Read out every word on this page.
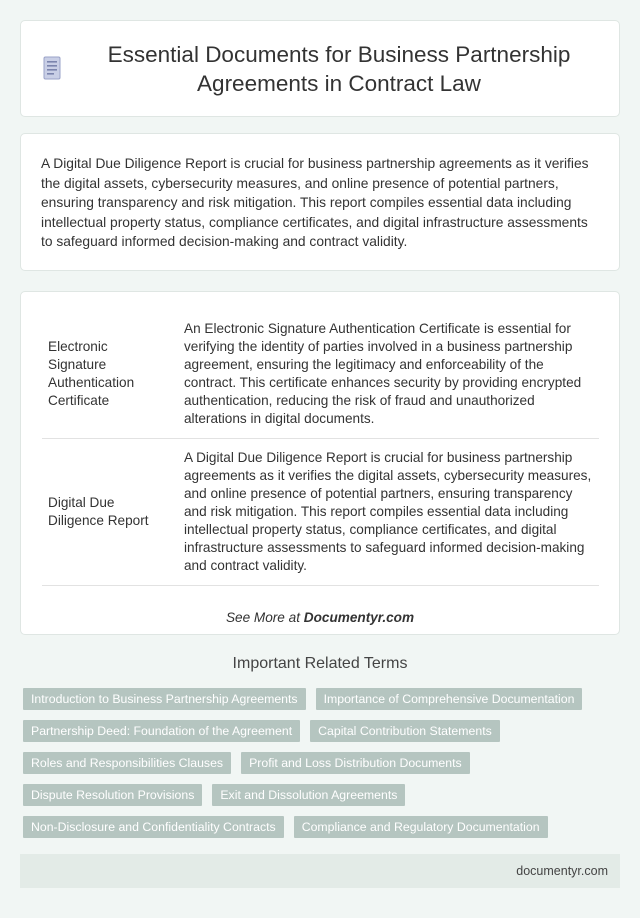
Essential Documents for Business Partnership Agreements in Contract Law

A Digital Due Diligence Report is crucial for business partnership agreements as it verifies the digital assets, cybersecurity measures, and online presence of potential partners, ensuring transparency and risk mitigation. This report compiles essential data including intellectual property status, compliance certificates, and digital infrastructure assessments to safeguard informed decision-making and contract validity.

Electronic Signature Authentication Certificate	An Electronic Signature Authentication Certificate is essential for verifying the identity of parties involved in a business partnership agreement, ensuring the legitimacy and enforceability of the contract. This certificate enhances security by providing encrypted authentication, reducing the risk of fraud and unauthorized alterations in digital documents.
Digital Due Diligence Report	A Digital Due Diligence Report is crucial for business partnership agreements as it verifies the digital assets, cybersecurity measures, and online presence of potential partners, ensuring transparency and risk mitigation. This report compiles essential data including intellectual property status, compliance certificates, and digital infrastructure assessments to safeguard informed decision-making and contract validity.
See More at Documentyr.com
Important Related Terms
Introduction to Business Partnership Agreements	Importance of Comprehensive Documentation
Partnership Deed: Foundation of the Agreement	Capital Contribution Statements
Roles and Responsibilities Clauses	Profit and Loss Distribution Documents
Dispute Resolution Provisions	Exit and Dissolution Agreements
Non-Disclosure and Confidentiality Contracts	Compliance and Regulatory Documentation
documentyr.com
